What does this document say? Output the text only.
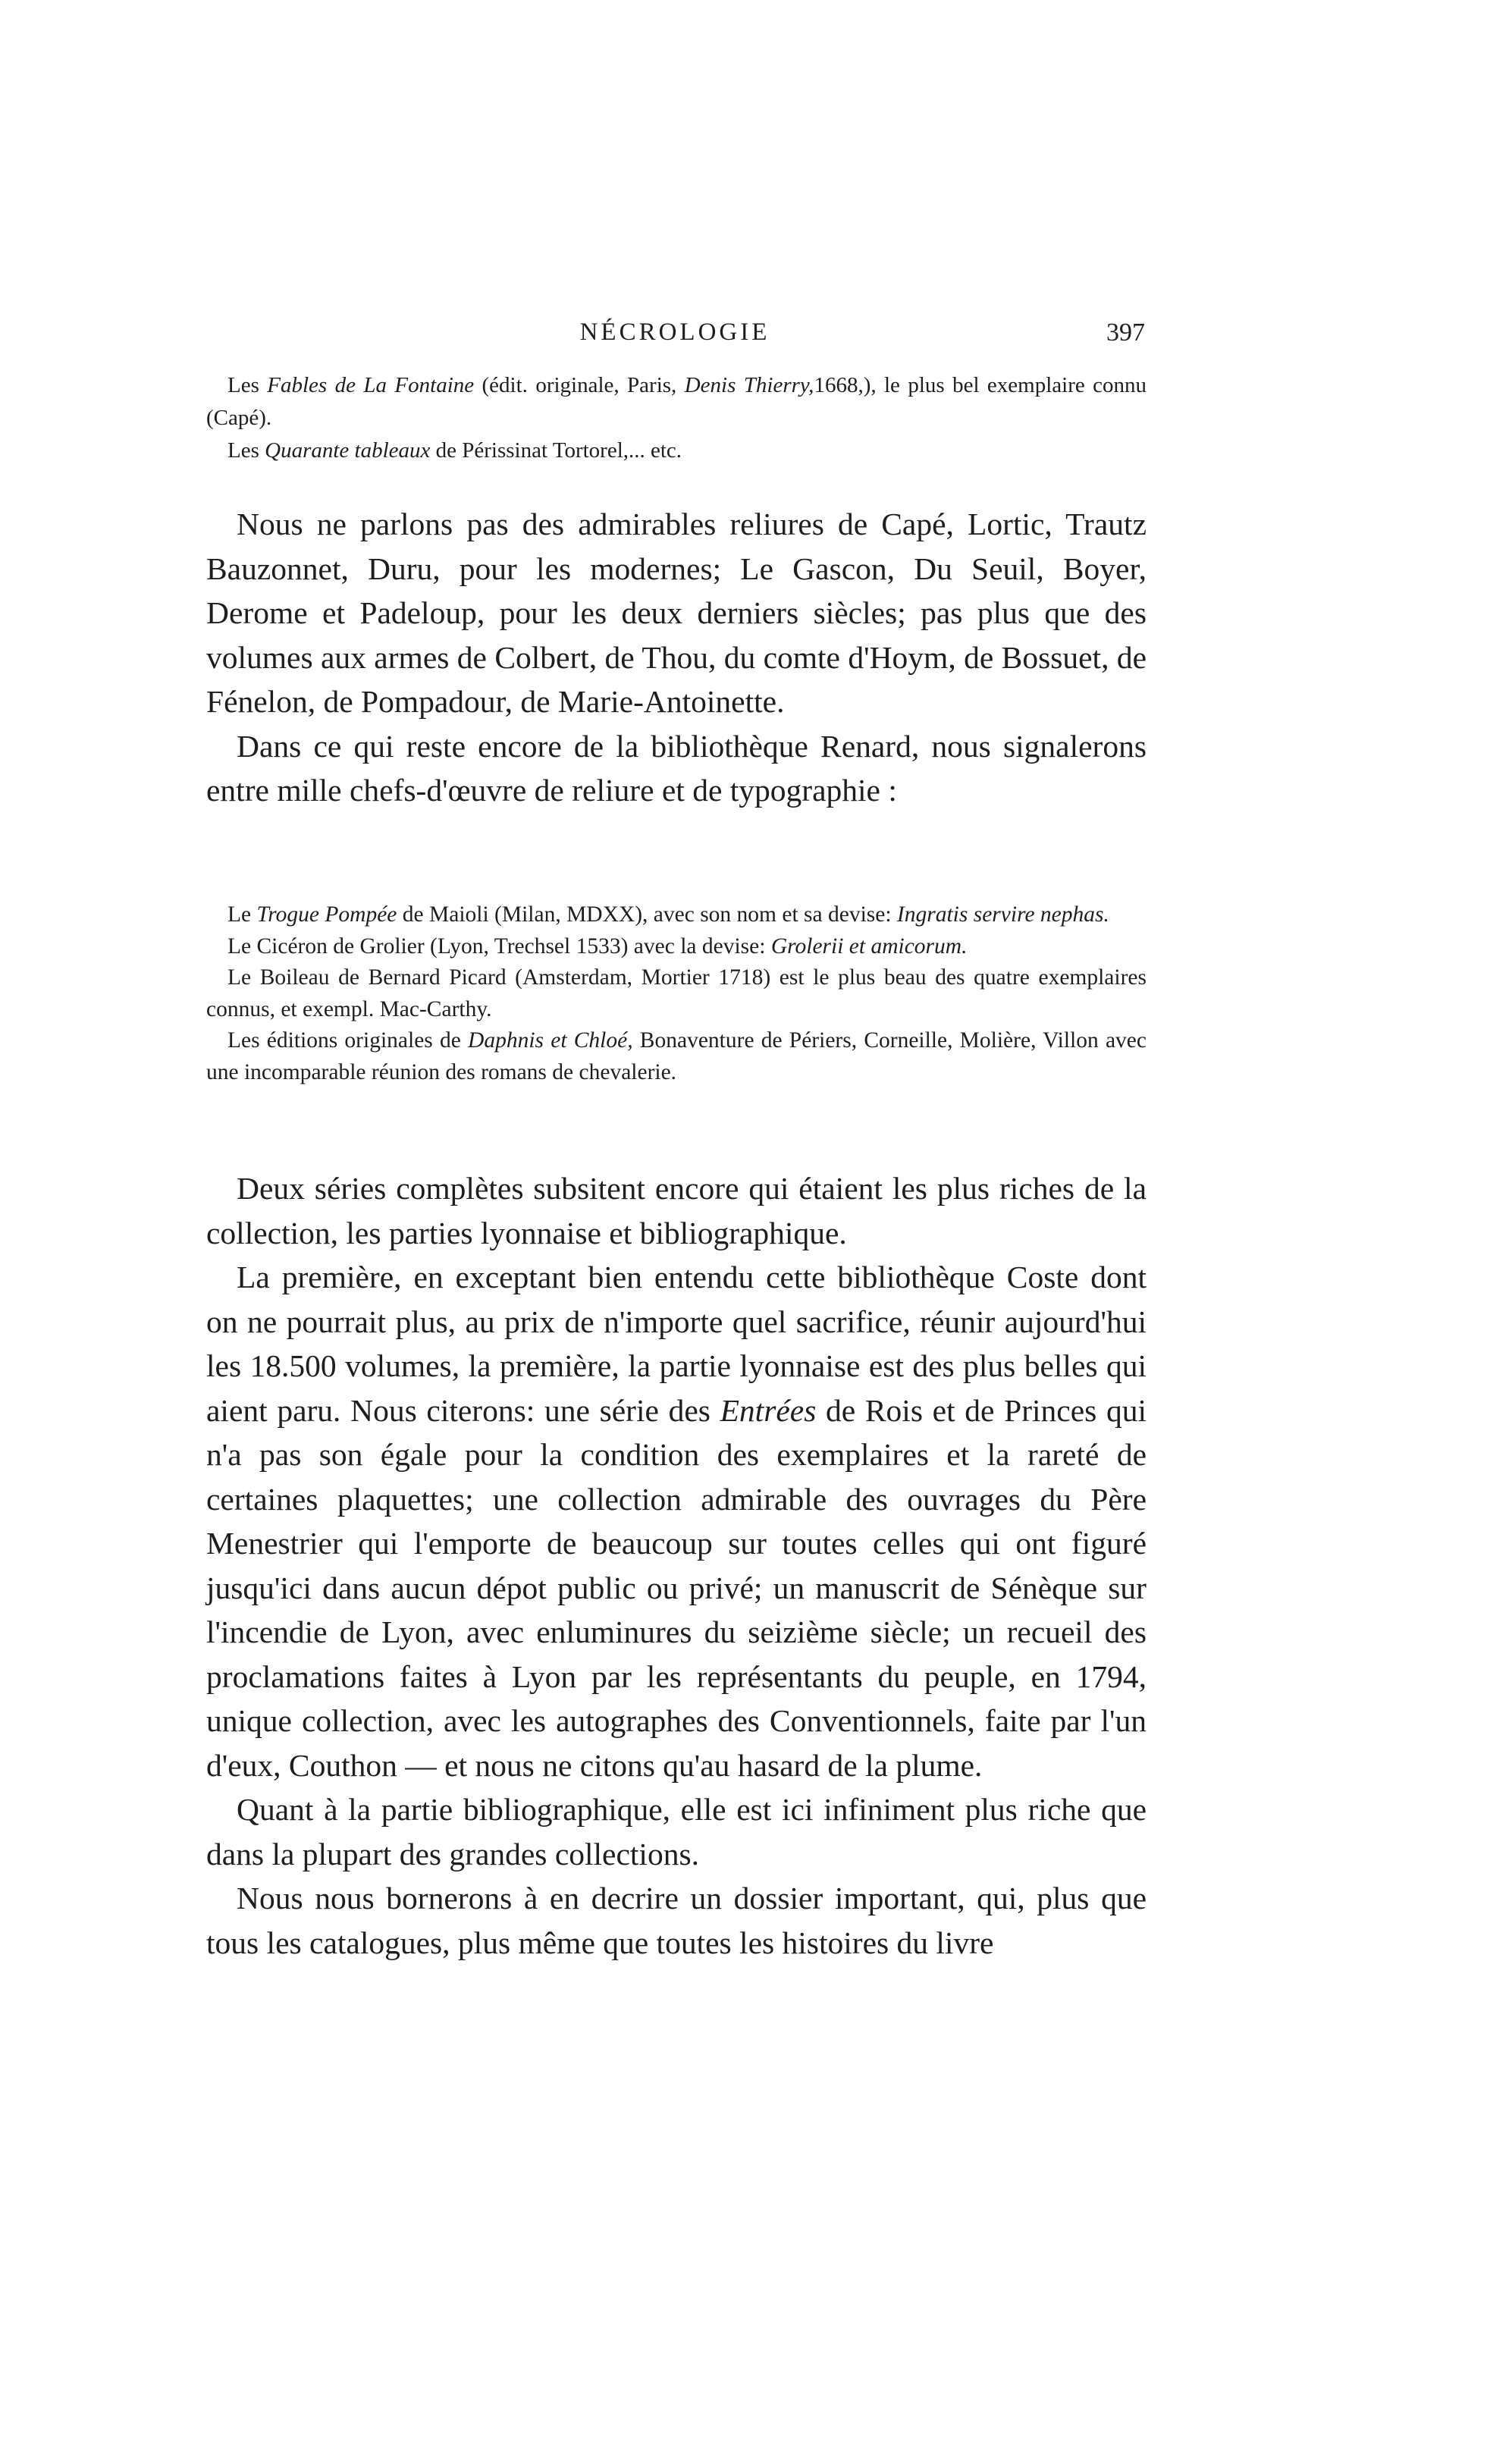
NÉCROLOGIE	397

Les Fables de La Fontaine (édit. originale, Paris, Denis Thierry,1668,), le plus bel exemplaire connu (Capé).

Les Quarante tableaux de Périssinat Tortorel,... etc.

Nous ne parlons pas des admirables reliures de Capé, Lortic, Trautz Bauzonnet, Duru, pour les modernes; Le Gascon, Du Seuil, Boyer, Derome et Padeloup, pour les deux derniers siècles; pas plus que des volumes aux armes de Colbert, de Thou, du comte d'Hoym, de Bossuet, de Fénelon, de Pompadour, de Marie-Antoinette.

Dans ce qui reste encore de la bibliothèque Renard, nous signalerons entre mille chefs-d'œuvre de reliure et de typographie :

Le Trogue Pompée de Maioli (Milan, MDXX), avec son nom et sa devise: Ingratis servire nephas.

Le Cicéron de Grolier (Lyon, Trechsel 1533) avec la devise: Grolerii et amicorum.

Le Boileau de Bernard Picard (Amsterdam, Mortier 1718) est le plus beau des quatre exemplaires connus, et exempl. Mac-Carthy.

Les éditions originales de Daphnis et Chloé, Bonaventure de Périers, Corneille, Molière, Villon avec une incomparable réunion des romans de chevalerie.

Deux séries complètes subsitent encore qui étaient les plus riches de la collection, les parties lyonnaise et bibliographique.

La première, en exceptant bien entendu cette bibliothèque Coste dont on ne pourrait plus, au prix de n'importe quel sacrifice, réunir aujourd'hui les 18.500 volumes, la première, la partie lyonnaise est des plus belles qui aient paru. Nous citerons: une série des Entrées de Rois et de Princes qui n'a pas son égale pour la condition des exemplaires et la rareté de certaines plaquettes; une collection admirable des ouvrages du Père Menestrier qui l'emporte de beaucoup sur toutes celles qui ont figuré jusqu'ici dans aucun dépot public ou privé; un manuscrit de Sénèque sur l'incendie de Lyon, avec enluminures du seizième siècle; un recueil des proclamations faites à Lyon par les représentants du peuple, en 1794, unique collection, avec les autographes des Conventionnels, faite par l'un d'eux, Couthon — et nous ne citons qu'au hasard de la plume.

Quant à la partie bibliographique, elle est ici infiniment plus riche que dans la plupart des grandes collections.

Nous nous bornerons à en decrire un dossier important, qui, plus que tous les catalogues, plus même que toutes les histoires du livre
